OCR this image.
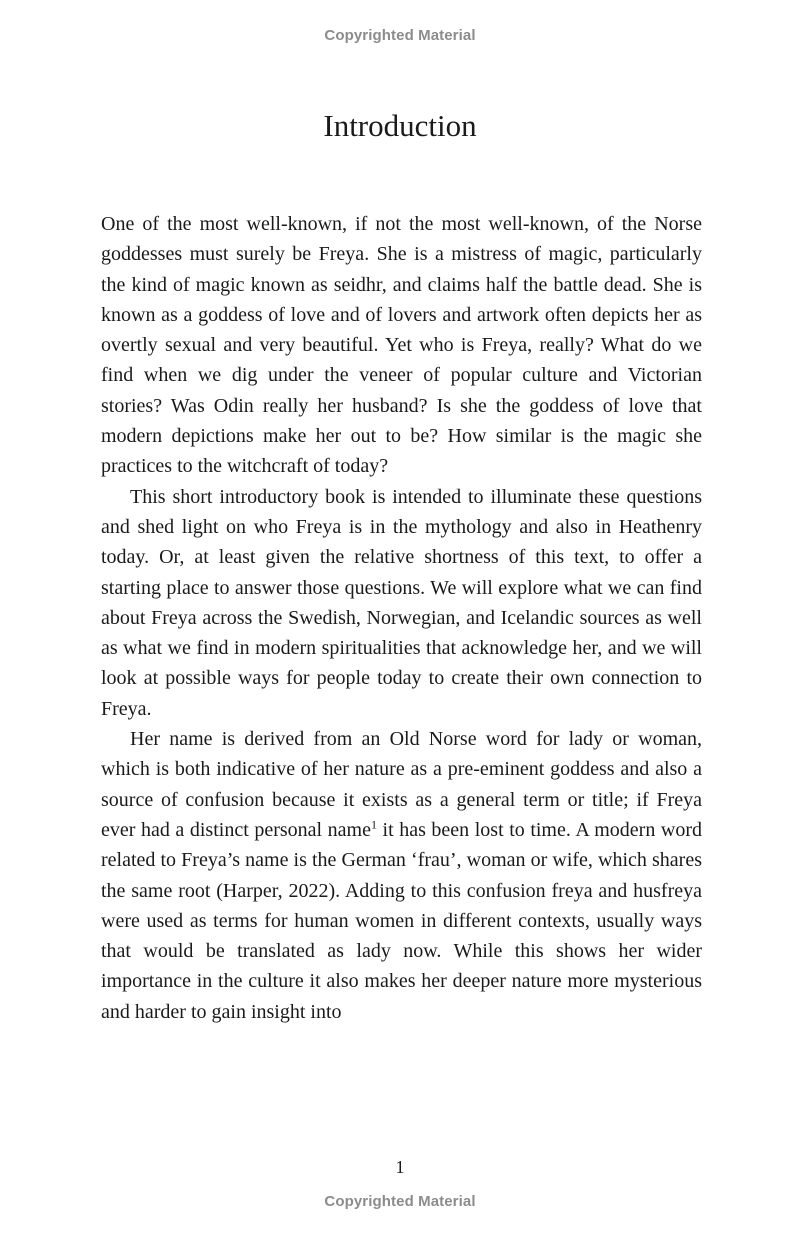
Copyrighted Material
Introduction

One of the most well-known, if not the most well-known, of the Norse goddesses must surely be Freya. She is a mistress of magic, particularly the kind of magic known as seidhr, and claims half the battle dead. She is known as a goddess of love and of lovers and artwork often depicts her as overtly sexual and very beautiful. Yet who is Freya, really? What do we find when we dig under the veneer of popular culture and Victorian stories? Was Odin really her husband? Is she the goddess of love that modern depictions make her out to be? How similar is the magic she practices to the witchcraft of today?

This short introductory book is intended to illuminate these questions and shed light on who Freya is in the mythology and also in Heathenry today. Or, at least given the relative shortness of this text, to offer a starting place to answer those questions. We will explore what we can find about Freya across the Swedish, Norwegian, and Icelandic sources as well as what we find in modern spiritualities that acknowledge her, and we will look at possible ways for people today to create their own connection to Freya.

Her name is derived from an Old Norse word for lady or woman, which is both indicative of her nature as a pre-eminent goddess and also a source of confusion because it exists as a general term or title; if Freya ever had a distinct personal name$^1$ it has been lost to time. A modern word related to Freya’s name is the German ‘frau’, woman or wife, which shares the same root (Harper, 2022). Adding to this confusion freya and husfreya were used as terms for human women in different contexts, usually ways that would be translated as lady now. While this shows her wider importance in the culture it also makes her deeper nature more mysterious and harder to gain insight into

1
Copyrighted Material
